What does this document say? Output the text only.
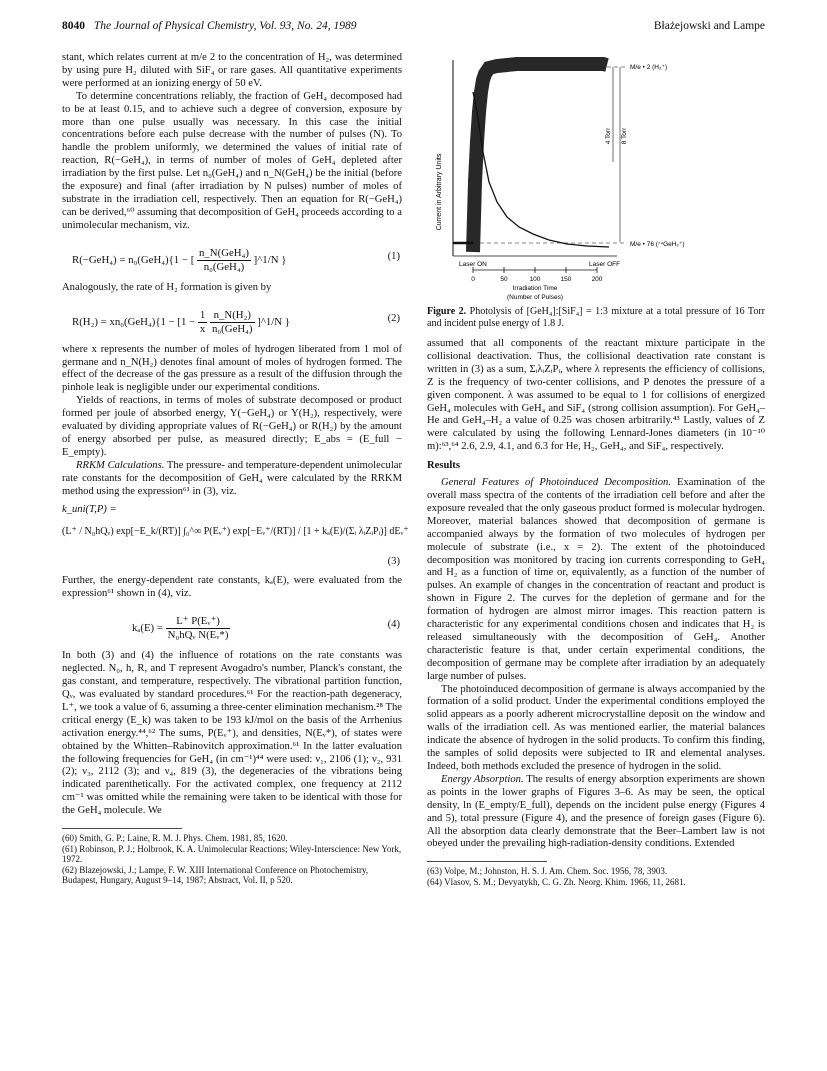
8040 The Journal of Physical Chemistry, Vol. 93, No. 24, 1989	Błażejowski and Lampe

stant, which relates current at m/e 2 to the concentration of H₂, was determined by using pure H₂ diluted with SiF₄ or rare gases. All quantitative experiments were performed at an ionizing energy of 50 eV.

To determine concentrations reliably, the fraction of GeH₄ decomposed had to be at least 0.15, and to achieve such a degree of conversion, exposure by more than one pulse usually was necessary. In this case the initial concentrations before each pulse decrease with the number of pulses (N). To handle the problem uniformly, we determined the values of initial rate of reaction, R(−GeH₄), in terms of number of moles of GeH₄ depleted after irradiation by the first pulse. Let n₀(GeH₄) and n_N(GeH₄) be the initial (before the exposure) and final (after irradiation by N pulses) number of moles of substrate in the irradiation cell, respectively. Then an equation for R(−GeH₄) can be derived,⁶⁰ assuming that decomposition of GeH₄ proceeds according to a unimolecular mechanism, viz.

R(−GeH₄) = n₀(GeH₄){1 − [ $\frac{\text{n\_N(GeH₄)}}{\text{n₀(GeH₄)}}$ ]^1/N }	(1)

Analogously, the rate of H₂ formation is given by

$R(H_2) = xn_0(GeH_4)\{1 - [1 - \frac{1}{x}$
$\frac{\text{n\_N(H₂)}}{\text{n₀(GeH₄)}}$ ]^1/N }	(2)

where x represents the number of moles of hydrogen liberated from 1 mol of germane and n_N(H₂) denotes final amount of moles of hydrogen formed. The effect of the decrease of the gas pressure as a result of the diffusion through the pinhole leak is negligible under our experimental conditions.

Yields of reactions, in terms of moles of substrate decomposed or product formed per joule of absorbed energy, Y(−GeH₄) or Y(H₂), respectively, were evaluated by dividing appropriate values of R(−GeH₄) or R(H₂) by the amount of energy absorbed per pulse, as measured directly; E_abs = (E_full − E_empty).

RRKM Calculations. The pressure- and temperature-dependent unimolecular rate constants for the decomposition of GeH₄ were calculated by the RRKM method using the expression⁶¹ in (3), viz.

k_uni(T,P) =
(L⁺ / N₀hQᵥ) exp[−E_k/(RT)] ∫₀^∞ P(Eᵥ⁺) exp[−Eᵥ⁺/(RT)] / [1 + kₐ(E)/(Σᵢ λᵢZᵢPᵢ)] dEᵥ⁺
(3)

Further, the energy-dependent rate constants, kₐ(E), were evaluated from the expression⁶¹ shown in (4), viz.

$k_a(E) = \frac{\text{L⁺ P(Eᵥ⁺)}}{\text{N₀hQᵥ N(Eᵥ*)}}$	(4)

In both (3) and (4) the influence of rotations on the rate constants was neglected. N₀, h, R, and T represent Avogadro's number, Planck's constant, the gas constant, and temperature, respectively. The vibrational partition function, Qᵥ, was evaluated by standard procedures.⁶¹ For the reaction-path degeneracy, L⁺, we took a value of 6, assuming a three-center elimination mechanism.²⁸ The critical energy (E_k) was taken to be 193 kJ/mol on the basis of the Arrhenius activation energy.⁴⁴,⁶² The sums, P(Eᵥ⁺), and densities, N(Eᵥ*), of states were obtained by the Whitten–Rabinovitch approximation.⁶¹ In the latter evaluation the following frequencies for GeH₄ (in cm⁻¹)⁴⁴ were used: ν₁, 2106 (1); ν₂, 931 (2); ν₃, 2112 (3); and ν₄, 819 (3), the degeneracies of the vibrations being indicated parenthetically. For the activated complex, one frequency at 2112 cm⁻¹ was omitted while the remaining were taken to be identical with those for the GeH₄ molecule. We

(60) Smith, G. P.; Laine, R. M. J. Phys. Chem. 1981, 85, 1620.
(61) Robinson, P. J.; Holbrook, K. A. Unimolecular Reactions; Wiley-Interscience: New York, 1972.
(62) Blazejowski, J.; Lampe, F. W. XIII International Conference on Photochemistry, Budapest, Hungary, August 9–14, 1987; Abstract, Vol. II, p 520.
Current in Arbitrary Units
4 Torr 8 Torr
M/e • 2 (H₂⁺)
M/e • 76 (⁷⁴GeH₂⁺)
Laser ON	Laser OFF
0	50	100	150	200
Irradiation Time
(Number of Pulses)

Figure 2. Photolysis of [GeH₄]:[SiF₄] = 1:3 mixture at a total pressure of 16 Torr and incident pulse energy of 1.8 J.

assumed that all components of the reactant mixture participate in the collisional deactivation. Thus, the collisional deactivation rate constant is written in (3) as a sum, ΣᵢλᵢZᵢPᵢ, where λ represents the efficiency of collisions, Z is the frequency of two-center collisions, and P denotes the pressure of a given component. λ was assumed to be equal to 1 for collisions of energized GeH₄ molecules with GeH₄ and SiF₄ (strong collision assumption). For GeH₄–He and GeH₄–H₂ a value of 0.25 was chosen arbitrarily.⁴³ Lastly, values of Z were calculated by using the following Lennard-Jones diameters (in 10⁻¹⁰ m):⁶³,⁶⁴ 2.6, 2.9, 4.1, and 6.3 for He, H₂, GeH₄, and SiF₄, respectively.

Results

General Features of Photoinduced Decomposition. Examination of the overall mass spectra of the contents of the irradiation cell before and after the exposure revealed that the only gaseous product formed is molecular hydrogen. Moreover, material balances showed that decomposition of germane is accompanied always by the formation of two molecules of hydrogen per molecule of substrate (i.e., x = 2). The extent of the photoinduced decomposition was monitored by tracing ion currents corresponding to GeH₄ and H₂ as a function of time or, equivalently, as a function of the number of pulses. An example of changes in the concentration of reactant and product is shown in Figure 2. The curves for the depletion of germane and for the formation of hydrogen are almost mirror images. This reaction pattern is characteristic for any experimental conditions chosen and indicates that H₂ is released simultaneously with the decomposition of GeH₄. Another characteristic feature is that, under certain experimental conditions, the decomposition of germane may be complete after irradiation by an adequately large number of pulses.

The photoinduced decomposition of germane is always accompanied by the formation of a solid product. Under the experimental conditions employed the solid appears as a poorly adherent microcrystalline deposit on the window and walls of the irradiation cell. As was mentioned earlier, the material balances indicate the absence of hydrogen in the solid products. To confirm this finding, the samples of solid deposits were subjected to IR and elemental analyses. Indeed, both methods excluded the presence of hydrogen in the solid.

Energy Absorption. The results of energy absorption experiments are shown as points in the lower graphs of Figures 3–6. As may be seen, the optical density, ln (E_empty/E_full), depends on the incident pulse energy (Figures 4 and 5), total pressure (Figure 4), and the presence of foreign gases (Figure 6). All the absorption data clearly demonstrate that the Beer–Lambert law is not obeyed under the prevailing high-radiation-density conditions. Extended

(63) Volpe, M.; Johnston, H. S. J. Am. Chem. Soc. 1956, 78, 3903.
(64) Vlasov, S. M.; Devyatykh, C. G. Zh. Neorg. Khim. 1966, 11, 2681.
